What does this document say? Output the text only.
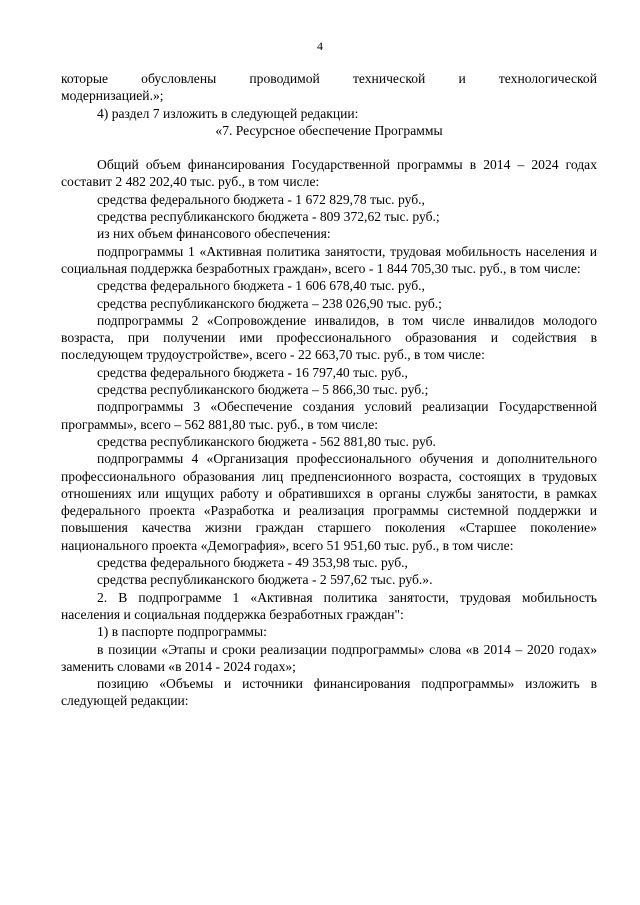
4

которые обусловлены проводимой технической и технологической

модернизацией.»;

4) раздел 7 изложить в следующей редакции:

«7. Ресурсное обеспечение Программы

Общий объем финансирования Государственной программы в 2014 – 2024 годах составит 2 482 202,40 тыс. руб., в том числе:

средства федерального бюджета - 1 672 829,78 тыс. руб.,

средства республиканского бюджета - 809 372,62 тыс. руб.;

из них объем финансового обеспечения:

подпрограммы 1 «Активная политика занятости, трудовая мобильность населения и социальная поддержка безработных граждан», всего - 1 844 705,30 тыс. руб., в том числе:

средства федерального бюджета - 1 606 678,40 тыс. руб.,

средства республиканского бюджета – 238 026,90 тыс. руб.;

подпрограммы 2 «Сопровождение инвалидов, в том числе инвалидов молодого возраста, при получении ими профессионального образования и содействия в последующем трудоустройстве», всего - 22 663,70 тыс. руб., в том числе:

средства федерального бюджета - 16 797,40 тыс. руб.,

средства республиканского бюджета – 5 866,30 тыс. руб.;

подпрограммы 3 «Обеспечение создания условий реализации Государственной программы», всего – 562 881,80 тыс. руб., в том числе:

средства республиканского бюджета - 562 881,80 тыс. руб.

подпрограммы 4 «Организация профессионального обучения и дополнительного профессионального образования лиц предпенсионного возраста, состоящих в трудовых отношениях или ищущих работу и обратившихся в органы службы занятости, в рамках федерального проекта «Разработка и реализация программы системной поддержки и повышения качества жизни граждан старшего поколения «Старшее поколение» национального проекта «Демография», всего 51 951,60 тыс. руб., в том числе:

средства федерального бюджета - 49 353,98 тыс. руб.,

средства республиканского бюджета - 2 597,62 тыс. руб.».

2. В подпрограмме 1 «Активная политика занятости, трудовая мобильность населения и социальная поддержка безработных граждан":

1) в паспорте подпрограммы:

в позиции «Этапы и сроки реализации подпрограммы» слова «в 2014 – 2020 годах» заменить словами «в 2014 - 2024 годах»;

позицию «Объемы и источники финансирования подпрограммы» изложить в следующей редакции:
